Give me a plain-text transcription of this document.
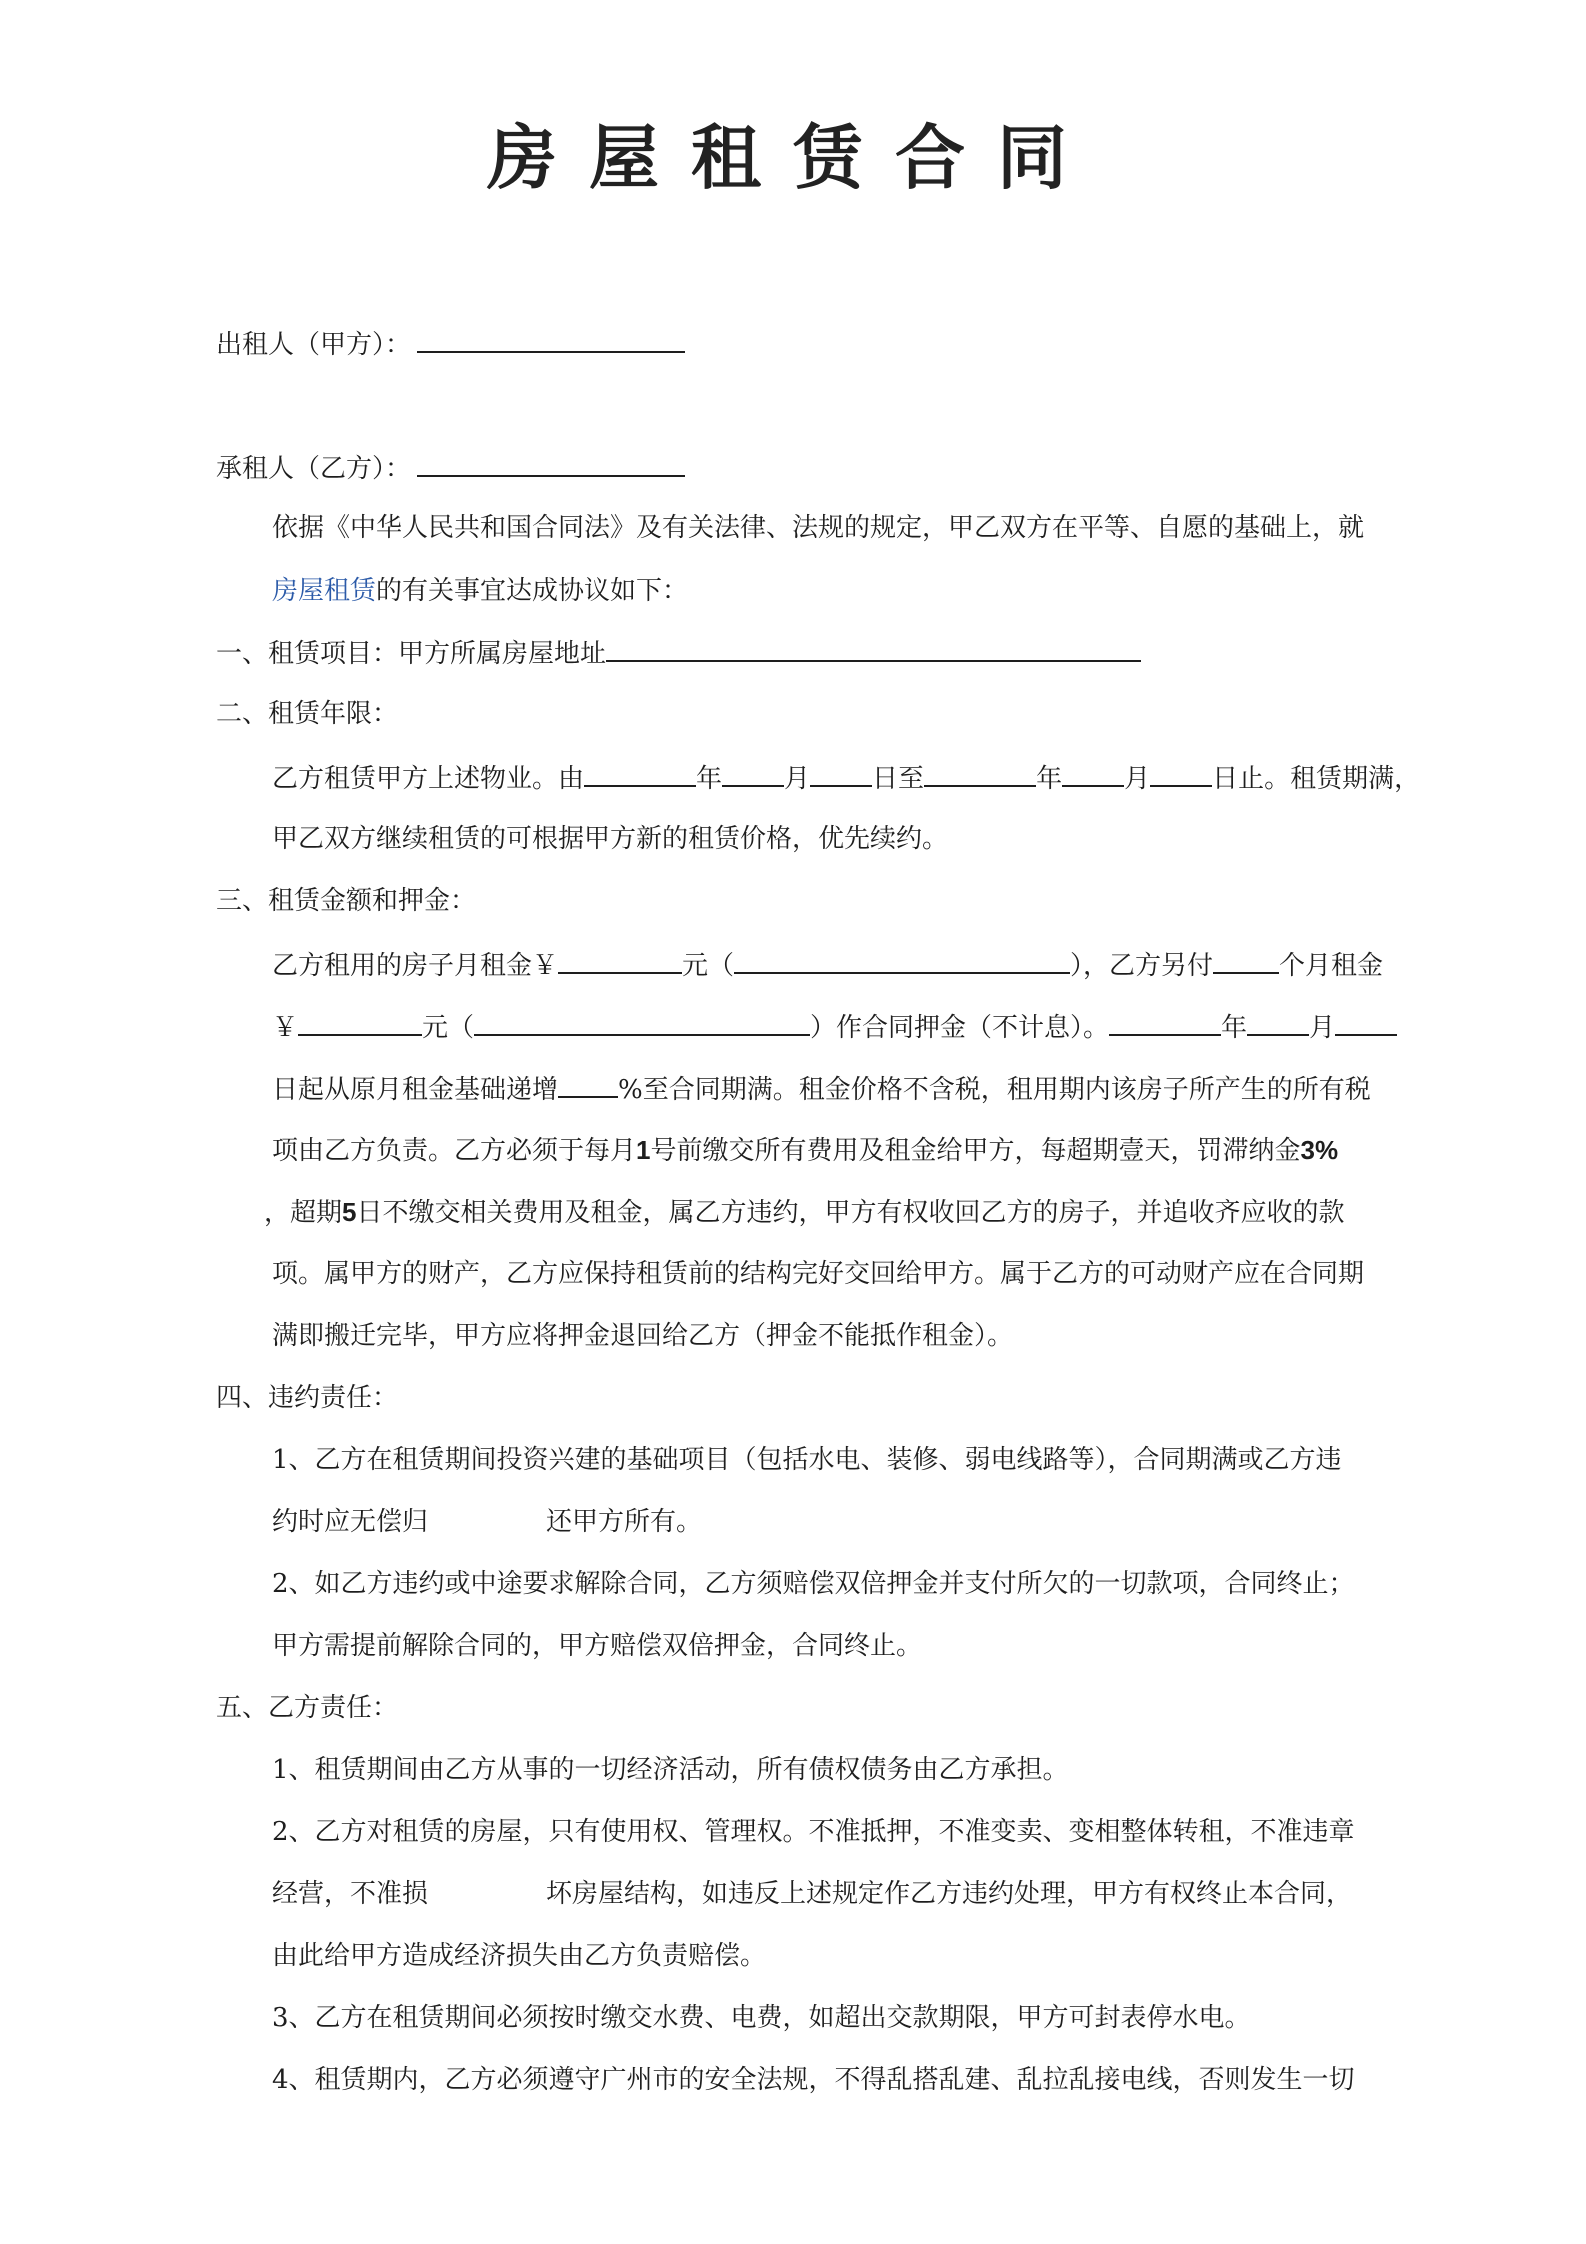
房屋租赁合同
出租人（甲方）：
承租人（乙方）：
依据《中华人民共和国合同法》及有关法律、法规的规定，甲乙双方在平等、自愿的基础上，就
房屋租赁的有关事宜达成协议如下：
一、租赁项目：甲方所属房屋地址
二、租赁年限：
乙方租赁甲方上述物业。由	年 月 日至	年 月 日止。租赁期满，
甲乙双方继续租赁的可根据甲方新的租赁价格，优先续约。
三、租赁金额和押金：
乙方租用的房子月租金￥	元（	），乙方另付	个月租金
￥	元（	）作合同押金（不计息）。	年 月
日起从原月租金基础递增 %至合同期满。租金价格不含税，租用期内该房子所产生的所有税
项由乙方负责。乙方必须于每月1号前缴交所有费用及租金给甲方，每超期壹天，罚滞纳金3%
，超期5日不缴交相关费用及租金，属乙方违约，甲方有权收回乙方的房子，并追收齐应收的款
项。属甲方的财产，乙方应保持租赁前的结构完好交回给甲方。属于乙方的可动财产应在合同期
满即搬迁完毕，甲方应将押金退回给乙方（押金不能抵作租金）。
四、违约责任：
1、乙方在租赁期间投资兴建的基础项目（包括水电、装修、弱电线路等），合同期满或乙方违
约时应无偿归	还甲方所有。
2、如乙方违约或中途要求解除合同，乙方须赔偿双倍押金并支付所欠的一切款项，合同终止；
甲方需提前解除合同的，甲方赔偿双倍押金，合同终止。
五、乙方责任：
1、租赁期间由乙方从事的一切经济活动，所有债权债务由乙方承担。
2、乙方对租赁的房屋，只有使用权、管理权。不准抵押，不准变卖、变相整体转租，不准违章
经营，不准损	坏房屋结构，如违反上述规定作乙方违约处理，甲方有权终止本合同，
由此给甲方造成经济损失由乙方负责赔偿。
3、乙方在租赁期间必须按时缴交水费、电费，如超出交款期限，甲方可封表停水电。
4、租赁期内，乙方必须遵守广州市的安全法规，不得乱搭乱建、乱拉乱接电线，否则发生一切
